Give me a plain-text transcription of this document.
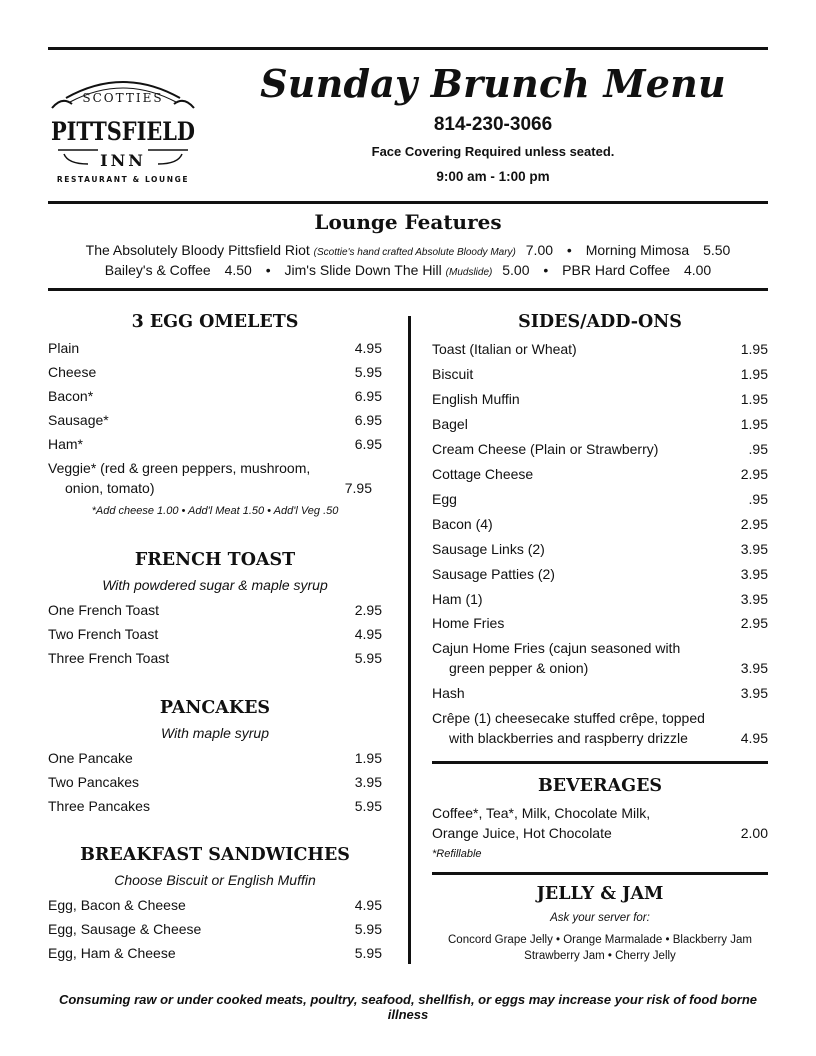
SCOTTIES
PITTSFIELD
INN
RESTAURANT & LOUNGE
Sunday Brunch Menu
814-230-3066
Face Covering Required unless seated.
9:00 am - 1:00 pm
Lounge Features
The Absolutely Bloody Pittsfield Riot (Scottie's hand crafted Absolute Bloody Mary) 7.00 • Morning Mimosa 5.50
Bailey's & Coffee 4.50 • Jim's Slide Down The Hill (Mudslide) 5.00 • PBR Hard Coffee 4.00
3 EGG OMELETS
Plain	4.95
Cheese	5.95
Bacon*	6.95
Sausage*	6.95
Ham*	6.95
Veggie* (red & green peppers, mushroom,
onion, tomato)	7.95
*Add cheese 1.00 • Add'l Meat 1.50 • Add'l Veg .50
FRENCH TOAST
With powdered sugar & maple syrup
One French Toast	2.95
Two French Toast	4.95
Three French Toast	5.95
PANCAKES
With maple syrup
One Pancake	1.95
Two Pancakes	3.95
Three Pancakes	5.95
BREAKFAST SANDWICHES
Choose Biscuit or English Muffin
Egg, Bacon & Cheese	4.95
Egg, Sausage & Cheese	5.95
Egg, Ham & Cheese	5.95
SIDES/ADD-ONS
Toast (Italian or Wheat)	1.95
Biscuit	1.95
English Muffin	1.95
Bagel	1.95
Cream Cheese (Plain or Strawberry)	.95
Cottage Cheese	2.95
Egg	.95
Bacon (4)	2.95
Sausage Links (2)	3.95
Sausage Patties (2)	3.95
Ham (1)	3.95
Home Fries	2.95
Cajun Home Fries (cajun seasoned with
green pepper & onion)	3.95
Hash	3.95
Crêpe (1) cheesecake stuffed crêpe, topped
with blackberries and raspberry drizzle	4.95
BEVERAGES
Coffee*, Tea*, Milk, Chocolate Milk,
Orange Juice, Hot Chocolate	2.00
*Refillable
JELLY & JAM
Ask your server for:
Concord Grape Jelly • Orange Marmalade • Blackberry Jam
Strawberry Jam • Cherry Jelly
Consuming raw or under cooked meats, poultry, seafood, shellfish, or eggs may increase your risk of food borne illness
